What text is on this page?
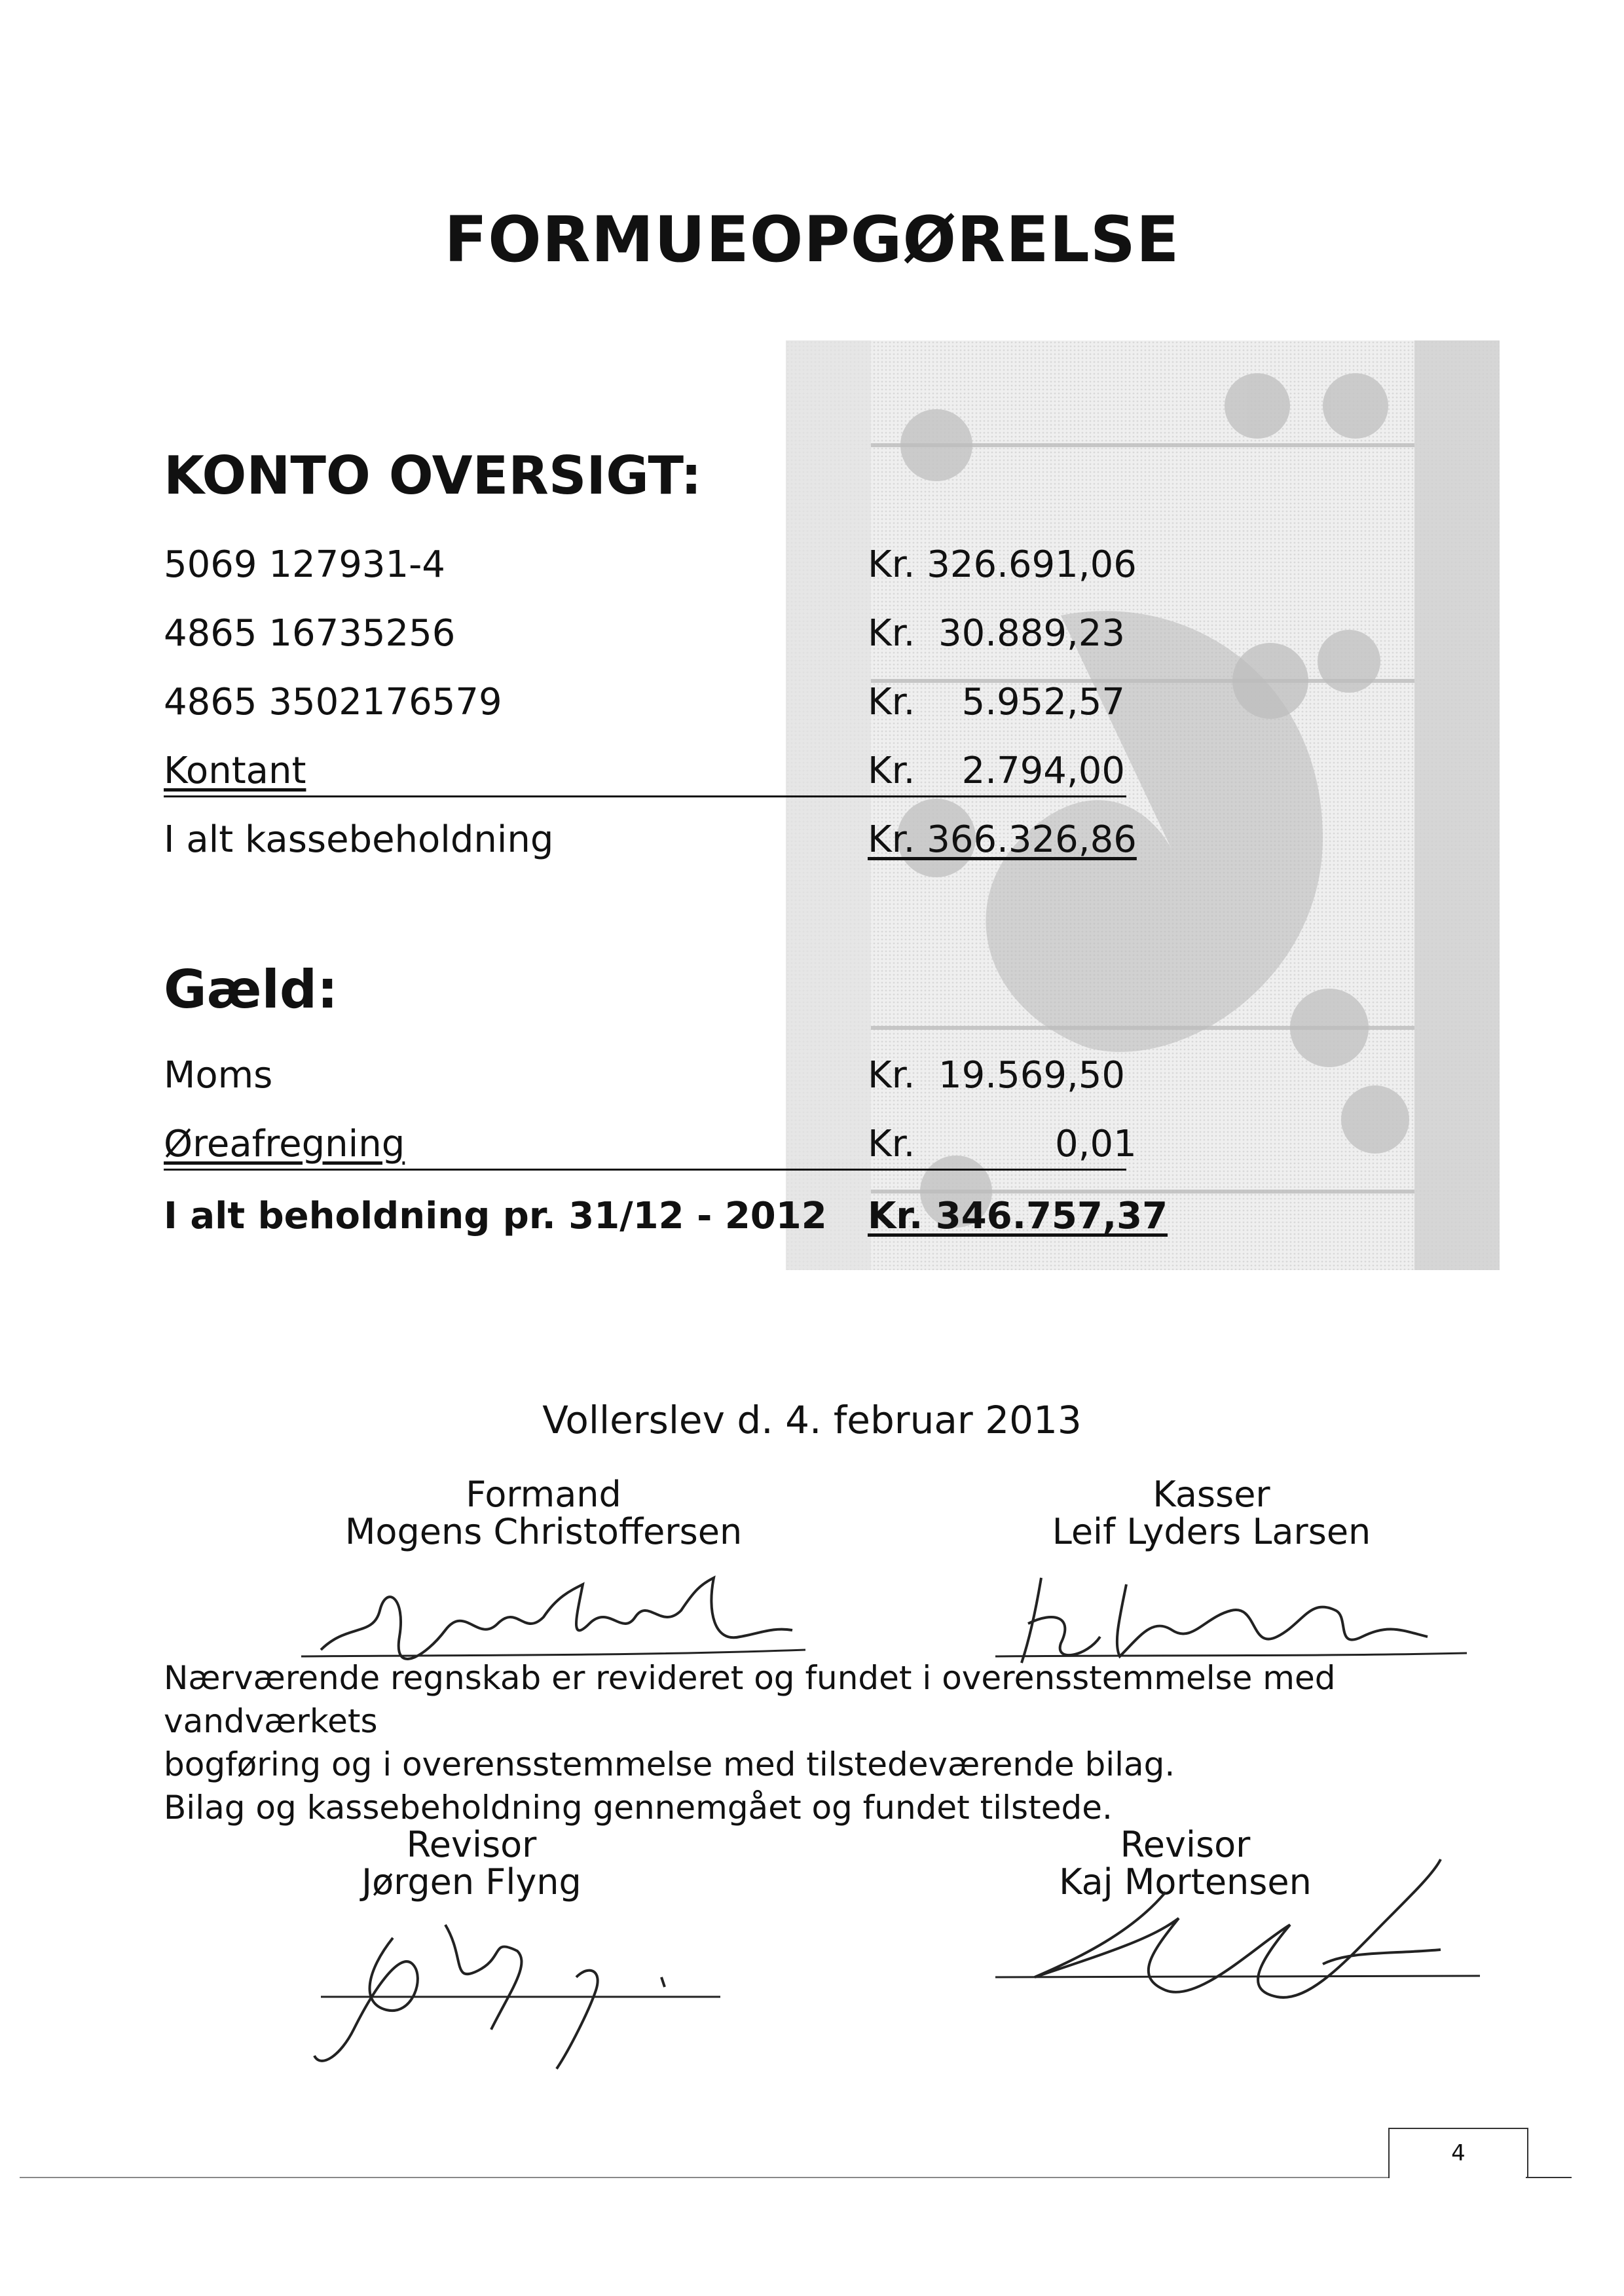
FORMUEOPGØRELSE
KONTO OVERSIGT:
5069 127931-4	Kr. 326.691,06
4865 16735256	Kr.  30.889,23
4865 3502176579	Kr.    5.952,57
Kontant	Kr.    2.794,00
I alt kassebeholdning	Kr. 366.326,86
Gæld:
Moms	Kr.  19.569,50
Øreafregning	Kr.            0,01
I alt beholdning pr. 31/12 - 2012 Kr. 346.757,37
Vollerslev d. 4. februar 2013
Formand
Mogens Christoffersen
Kasser
Leif Lyders Larsen
Nærværende regnskab er revideret og fundet i overensstemmelse med vandværkets
bogføring og i overensstemmelse med tilstedeværende bilag.
Bilag og kassebeholdning gennemgået og fundet tilstede.
Revisor
Jørgen Flyng
Revisor
Kaj Mortensen
4
